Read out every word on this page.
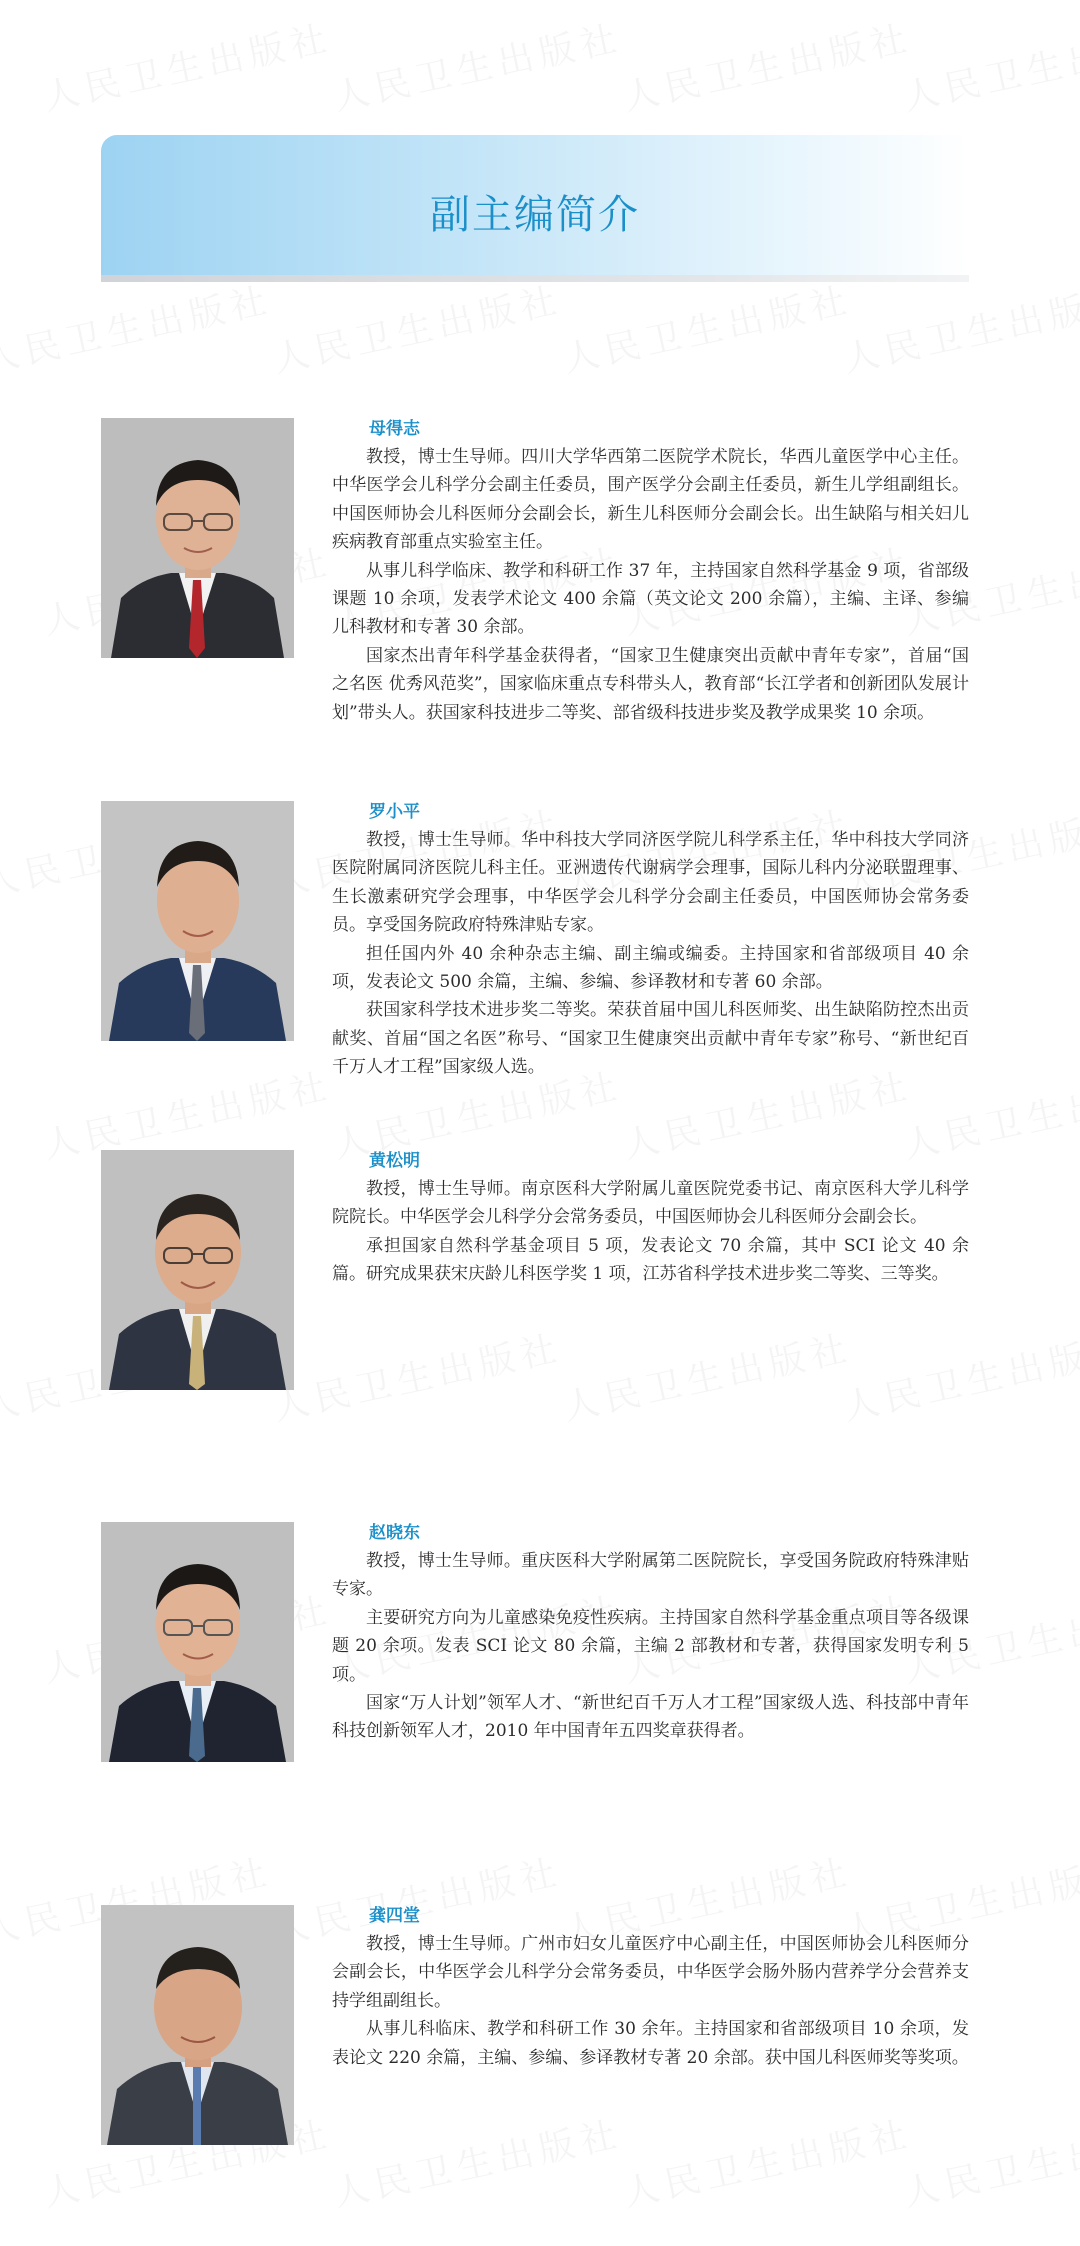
副主编简介
母得志

教授，博士生导师。四川大学华西第二医院学术院长，华西儿童医学中心主任。中华医学会儿科学分会副主任委员，围产医学分会副主任委员，新生儿学组副组长。中国医师协会儿科医师分会副会长，新生儿科医师分会副会长。出生缺陷与相关妇儿疾病教育部重点实验室主任。

从事儿科学临床、教学和科研工作 37 年，主持国家自然科学基金 9 项，省部级课题 10 余项，发表学术论文 400 余篇（英文论文 200 余篇），主编、主译、参编儿科教材和专著 30 余部。

国家杰出青年科学基金获得者，“国家卫生健康突出贡献中青年专家”，首届“国之名医 优秀风范奖”，国家临床重点专科带头人，教育部“长江学者和创新团队发展计划”带头人。获国家科技进步二等奖、部省级科技进步奖及教学成果奖 10 余项。

罗小平

教授，博士生导师。华中科技大学同济医学院儿科学系主任，华中科技大学同济医院附属同济医院儿科主任。亚洲遗传代谢病学会理事，国际儿科内分泌联盟理事、生长激素研究学会理事，中华医学会儿科学分会副主任委员，中国医师协会常务委员。享受国务院政府特殊津贴专家。

担任国内外 40 余种杂志主编、副主编或编委。主持国家和省部级项目 40 余项，发表论文 500 余篇，主编、参编、参译教材和专著 60 余部。

获国家科学技术进步奖二等奖。荣获首届中国儿科医师奖、出生缺陷防控杰出贡献奖、首届“国之名医”称号、“国家卫生健康突出贡献中青年专家”称号、“新世纪百千万人才工程”国家级人选。

黄松明

教授，博士生导师。南京医科大学附属儿童医院党委书记、南京医科大学儿科学院院长。中华医学会儿科学分会常务委员，中国医师协会儿科医师分会副会长。

承担国家自然科学基金项目 5 项，发表论文 70 余篇，其中 SCI 论文 40 余篇。研究成果获宋庆龄儿科医学奖 1 项，江苏省科学技术进步奖二等奖、三等奖。

赵晓东

教授，博士生导师。重庆医科大学附属第二医院院长，享受国务院政府特殊津贴专家。

主要研究方向为儿童感染免疫性疾病。主持国家自然科学基金重点项目等各级课题 20 余项。发表 SCI 论文 80 余篇，主编 2 部教材和专著，获得国家发明专利 5 项。

国家“万人计划”领军人才、“新世纪百千万人才工程”国家级人选、科技部中青年科技创新领军人才，2010 年中国青年五四奖章获得者。

龚四堂

教授，博士生导师。广州市妇女儿童医疗中心副主任，中国医师协会儿科医师分会副会长，中华医学会儿科学分会常务委员，中华医学会肠外肠内营养学分会营养支持学组副组长。

从事儿科临床、教学和科研工作 30 余年。主持国家和省部级项目 10 余项，发表论文 220 余篇，主编、参编、参译教材专著 20 余部。获中国儿科医师奖等奖项。
